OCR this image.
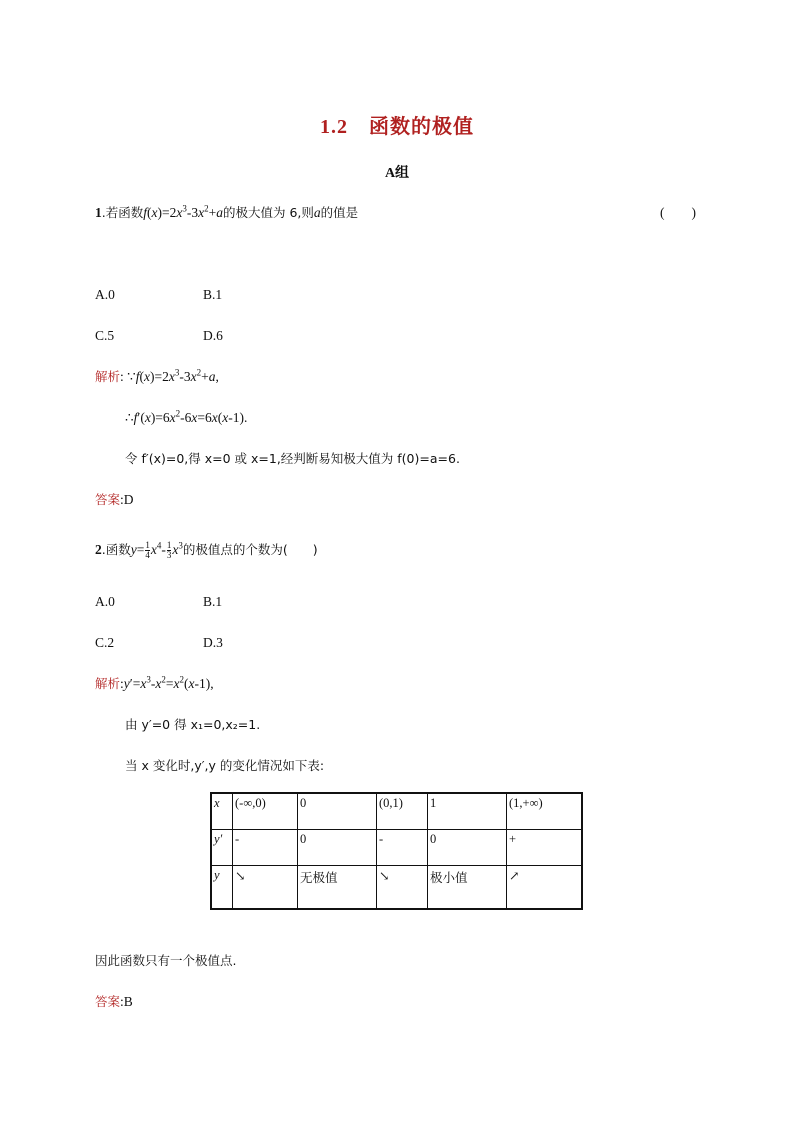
1.2　函数的极值
A组
1.若函数$f(x)=2x^3-3x^2+a$的极大值为 6,则a的值是	(　　)
A.0	B.1
C.5	D.6
解析: $\because f(x)=2x^3-3x^2+a$,
$\therefore f'(x)=6x^2-6x=6x(x-1)$.
令 f′(x)=0,得 x=0 或 x=1,经判断易知极大值为 f(0)=a=6.
答案:D
2.函数$y= \frac{1}{4} x^4- \frac{1}{3} x^3$的极值点的个数为(　　)
A.0	B.1
C.2	D.3
解析$:y'=x^3-x^2=x^2(x-1)$,
由 y′=0 得 x₁=0,x₂=1.
当 x 变化时,y′,y 的变化情况如下表:
x	(-∞,0)	0	(0,1)	1	(1,+∞)
y′	-	0	-	0	+
y	↘	无极值	↘	极小值	↗
因此函数只有一个极值点.
答案:B
